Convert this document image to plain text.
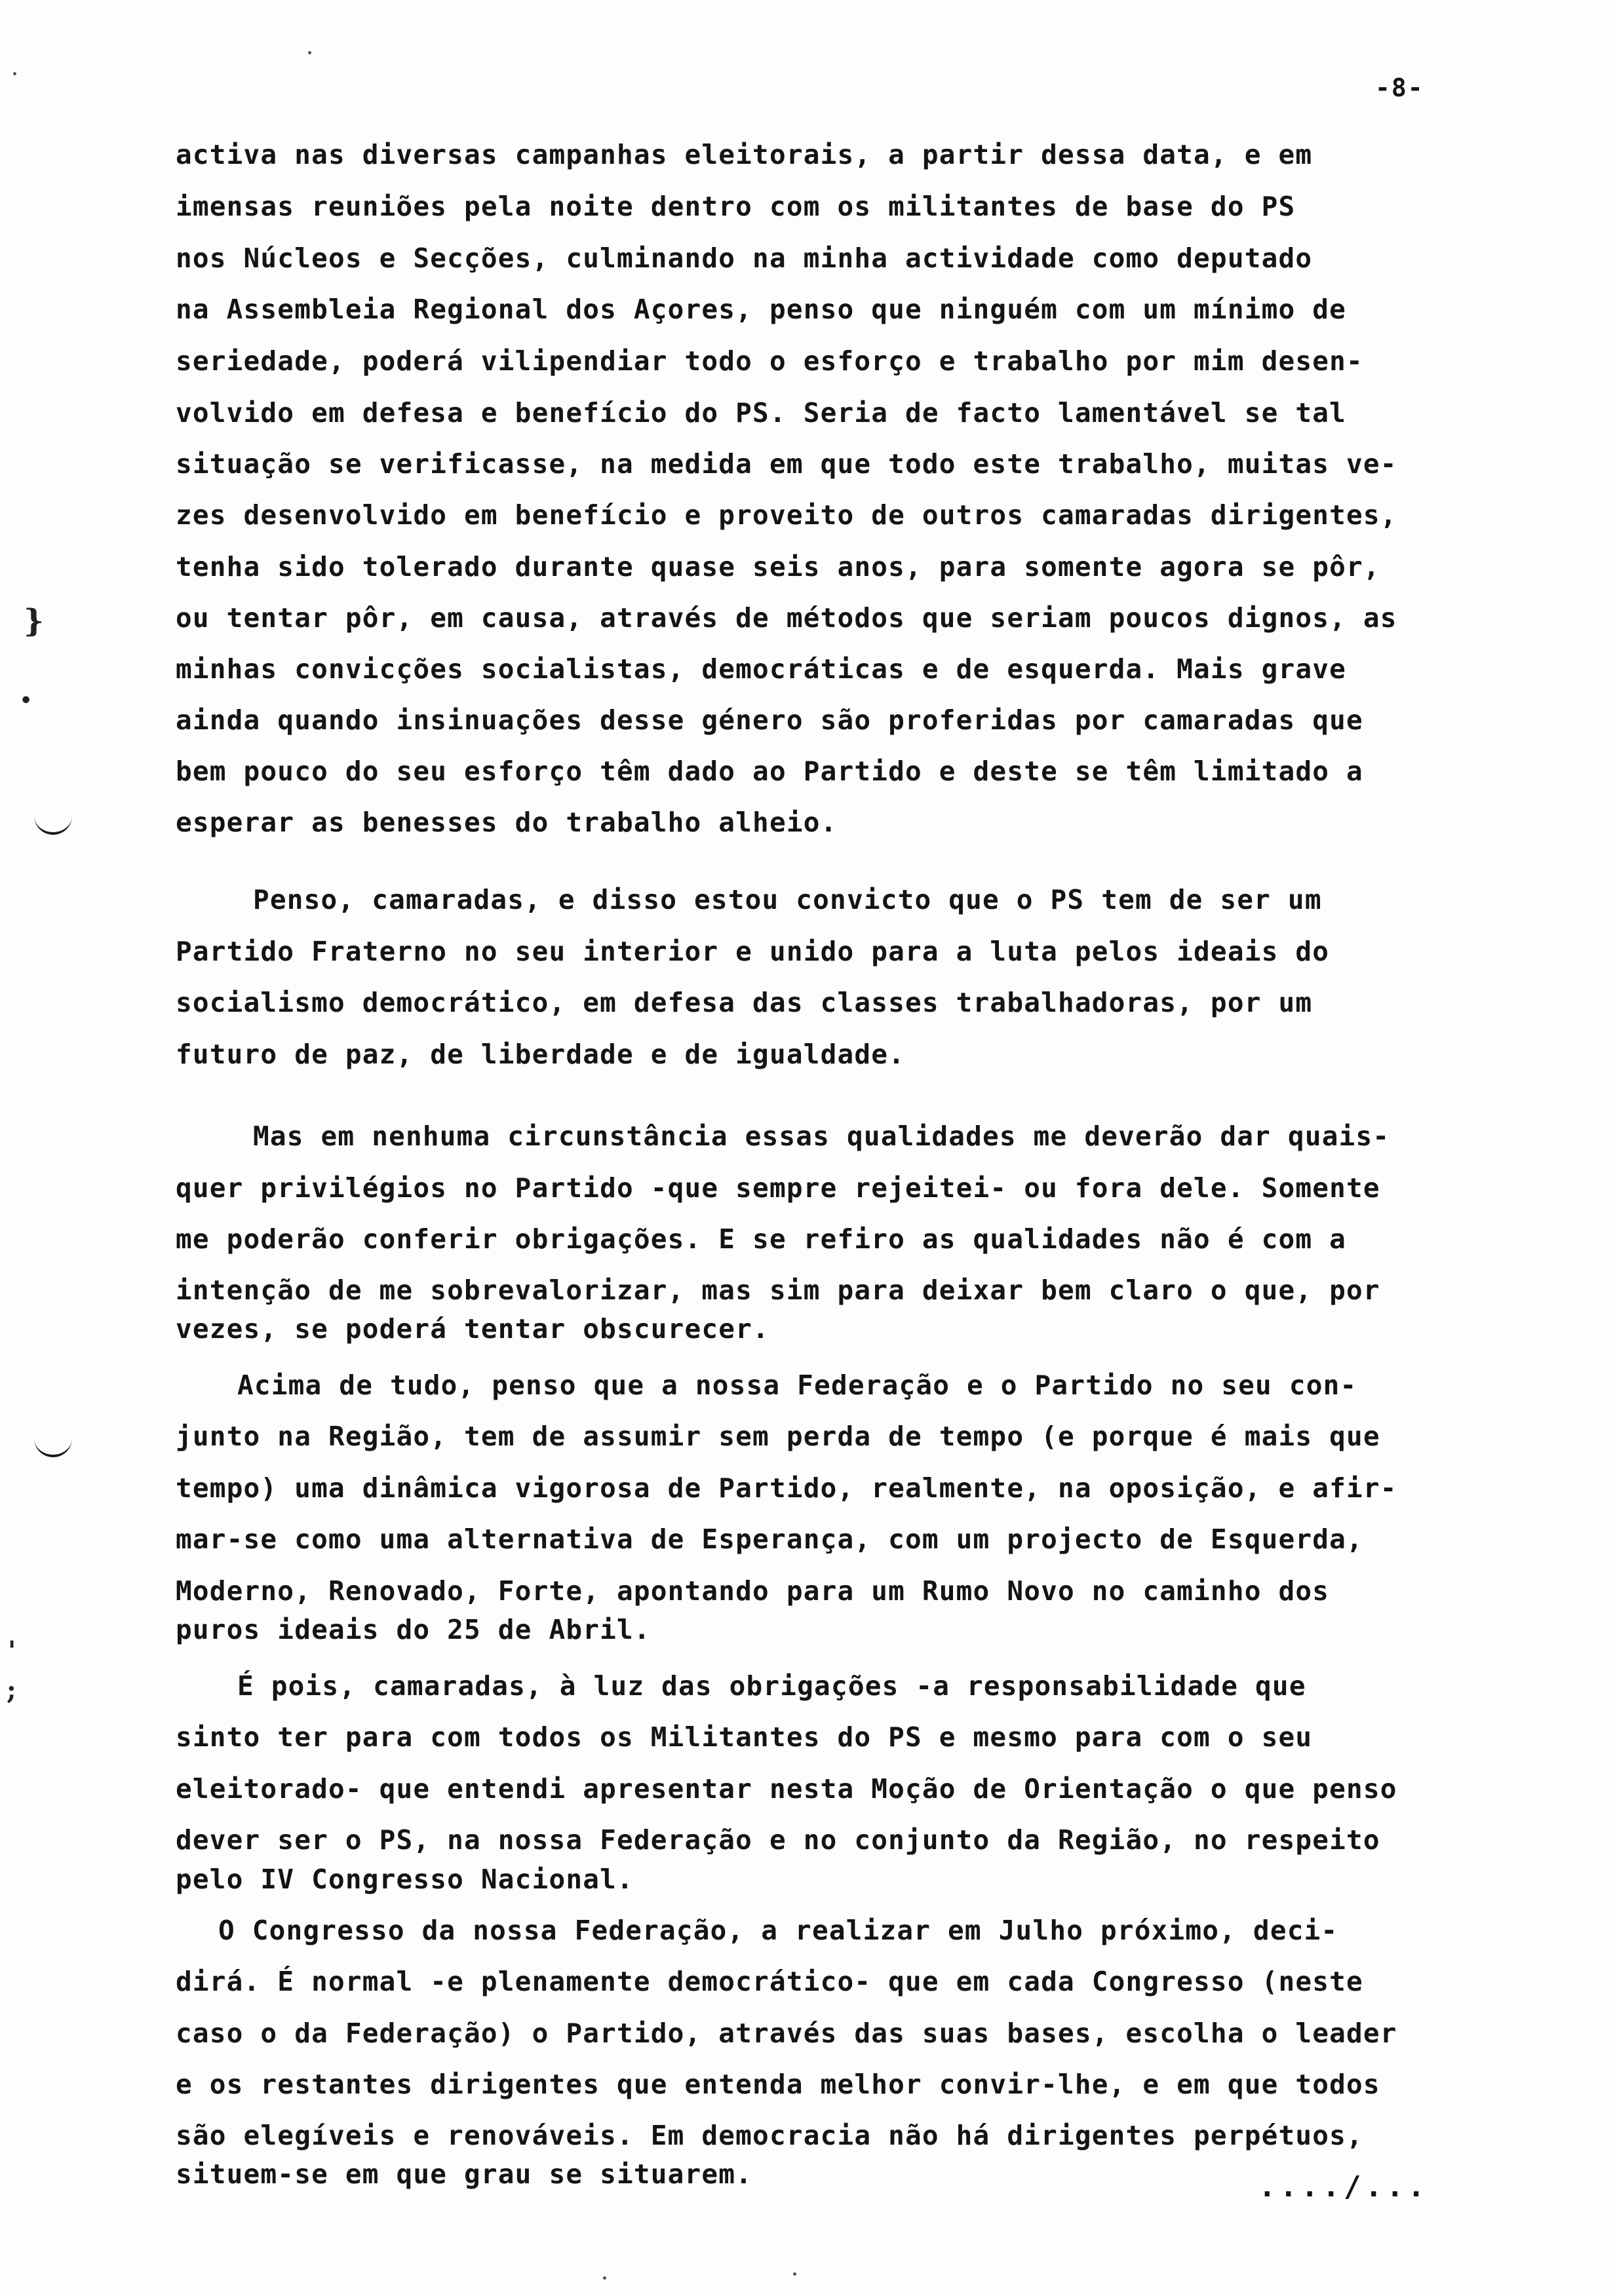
-8-
}
•
;
'
activa nas diversas campanhas eleitorais, a partir dessa data, e em
imensas reuniões pela noite dentro com os militantes de base do PS
nos Núcleos e Secções, culminando na minha actividade como deputado
na Assembleia Regional dos Açores, penso que ninguém com um mínimo de
seriedade, poderá vilipendiar todo o esforço e trabalho por mim desen-
volvido em defesa e benefício do PS. Seria de facto lamentável se tal
situação se verificasse, na medida em que todo este trabalho, muitas ve-
zes desenvolvido em benefício e proveito de outros camaradas dirigentes,
tenha sido tolerado durante quase seis anos, para somente agora se pôr,
ou tentar pôr, em causa, através de métodos que seriam poucos dignos, as
minhas convicções socialistas, democráticas e de esquerda. Mais grave
ainda quando insinuações desse género são proferidas por camaradas que
bem pouco do seu esforço têm dado ao Partido e deste se têm limitado a
esperar as benesses do trabalho alheio.
Penso, camaradas, e disso estou convicto que o PS tem de ser um
Partido Fraterno no seu interior e unido para a luta pelos ideais do
socialismo democrático, em defesa das classes trabalhadoras, por um
futuro de paz, de liberdade e de igualdade.
Mas em nenhuma circunstância essas qualidades me deverão dar quais-
quer privilégios no Partido -que sempre rejeitei- ou fora dele. Somente
me poderão conferir obrigações. E se refiro as qualidades não é com a
intenção de me sobrevalorizar, mas sim para deixar bem claro o que, por
vezes, se poderá tentar obscurecer.
Acima de tudo, penso que a nossa Federação e o Partido no seu con-
junto na Região, tem de assumir sem perda de tempo (e porque é mais que
tempo) uma dinâmica vigorosa de Partido, realmente, na oposição, e afir-
mar-se como uma alternativa de Esperança, com um projecto de Esquerda,
Moderno, Renovado, Forte, apontando para um Rumo Novo no caminho dos
puros ideais do 25 de Abril.
É pois, camaradas, à luz das obrigações -a responsabilidade que
sinto ter para com todos os Militantes do PS e mesmo para com o seu
eleitorado- que entendi apresentar nesta Moção de Orientação o que penso
dever ser o PS, na nossa Federação e no conjunto da Região, no respeito
pelo IV Congresso Nacional.
O Congresso da nossa Federação, a realizar em Julho próximo, deci-
dirá. É normal -e plenamente democrático- que em cada Congresso (neste
caso o da Federação) o Partido, através das suas bases, escolha o leader
e os restantes dirigentes que entenda melhor convir-lhe, e em que todos
são elegíveis e renováveis. Em democracia não há dirigentes perpétuos,
situem-se em que grau se situarem.	..../...
